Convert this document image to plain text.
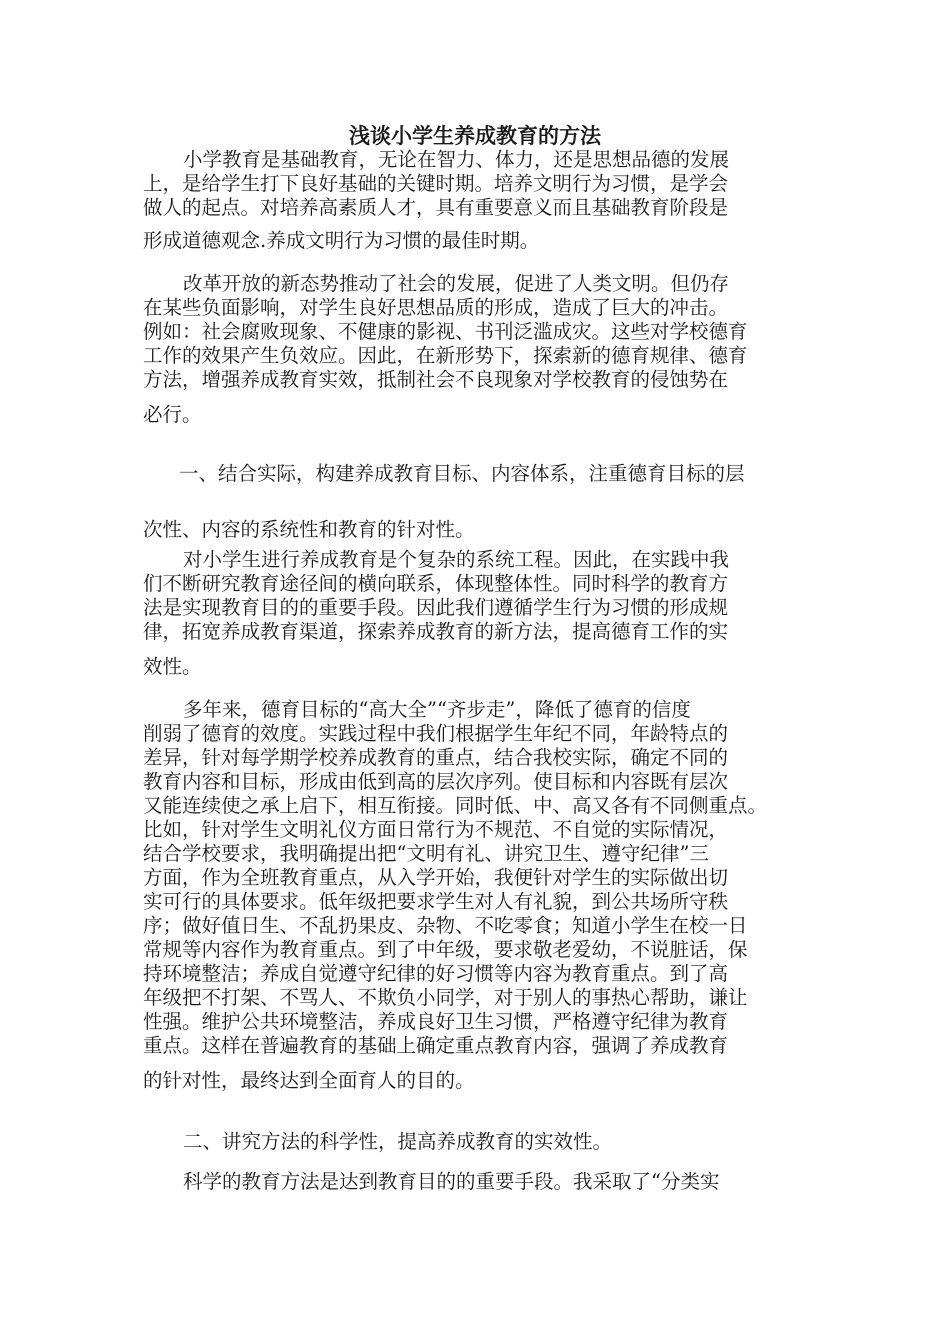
浅谈小学生养成教育的方法
小学教育是基础教育，无论在智力、体力，还是思想品德的发展
上，是给学生打下良好基础的关键时期。培养文明行为习惯，是学会
做人的起点。对培养高素质人才，具有重要意义而且基础教育阶段是
形成道德观念.养成文明行为习惯的最佳时期。
改革开放的新态势推动了社会的发展，促进了人类文明。但仍存
在某些负面影响，对学生良好思想品质的形成，造成了巨大的冲击。
例如：社会腐败现象、不健康的影视、书刊泛滥成灾。这些对学校德育
工作的效果产生负效应。因此，在新形势下，探索新的德育规律、德育
方法，增强养成教育实效，抵制社会不良现象对学校教育的侵蚀势在
必行。
一、结合实际，构建养成教育目标、内容体系，注重德育目标的层
次性、内容的系统性和教育的针对性。
对小学生进行养成教育是个复杂的系统工程。因此，在实践中我
们不断研究教育途径间的横向联系，体现整体性。同时科学的教育方
法是实现教育目的的重要手段。因此我们遵循学生行为习惯的形成规
律，拓宽养成教育渠道，探索养成教育的新方法，提高德育工作的实
效性。
多年来，德育目标的“高大全”“齐步走”，降低了德育的信度
削弱了德育的效度。实践过程中我们根据学生年纪不同，年龄特点的
差异，针对每学期学校养成教育的重点，结合我校实际，确定不同的
教育内容和目标，形成由低到高的层次序列。使目标和内容既有层次
又能连续使之承上启下，相互衔接。同时低、中、高又各有不同侧重点。
比如，针对学生文明礼仪方面日常行为不规范、不自觉的实际情况，
结合学校要求，我明确提出把“文明有礼、讲究卫生、遵守纪律”三
方面，作为全班教育重点，从入学开始，我便针对学生的实际做出切
实可行的具体要求。低年级把要求学生对人有礼貌，到公共场所守秩
序；做好值日生、不乱扔果皮、杂物、不吃零食；知道小学生在校一日
常规等内容作为教育重点。到了中年级，要求敬老爱幼，不说脏话，保
持环境整洁；养成自觉遵守纪律的好习惯等内容为教育重点。到了高
年级把不打架、不骂人、不欺负小同学，对于别人的事热心帮助，谦让
性强。维护公共环境整洁，养成良好卫生习惯，严格遵守纪律为教育
重点。这样在普遍教育的基础上确定重点教育内容，强调了养成教育
的针对性，最终达到全面育人的目的。
二、讲究方法的科学性，提高养成教育的实效性。
科学的教育方法是达到教育目的的重要手段。我采取了“分类实
